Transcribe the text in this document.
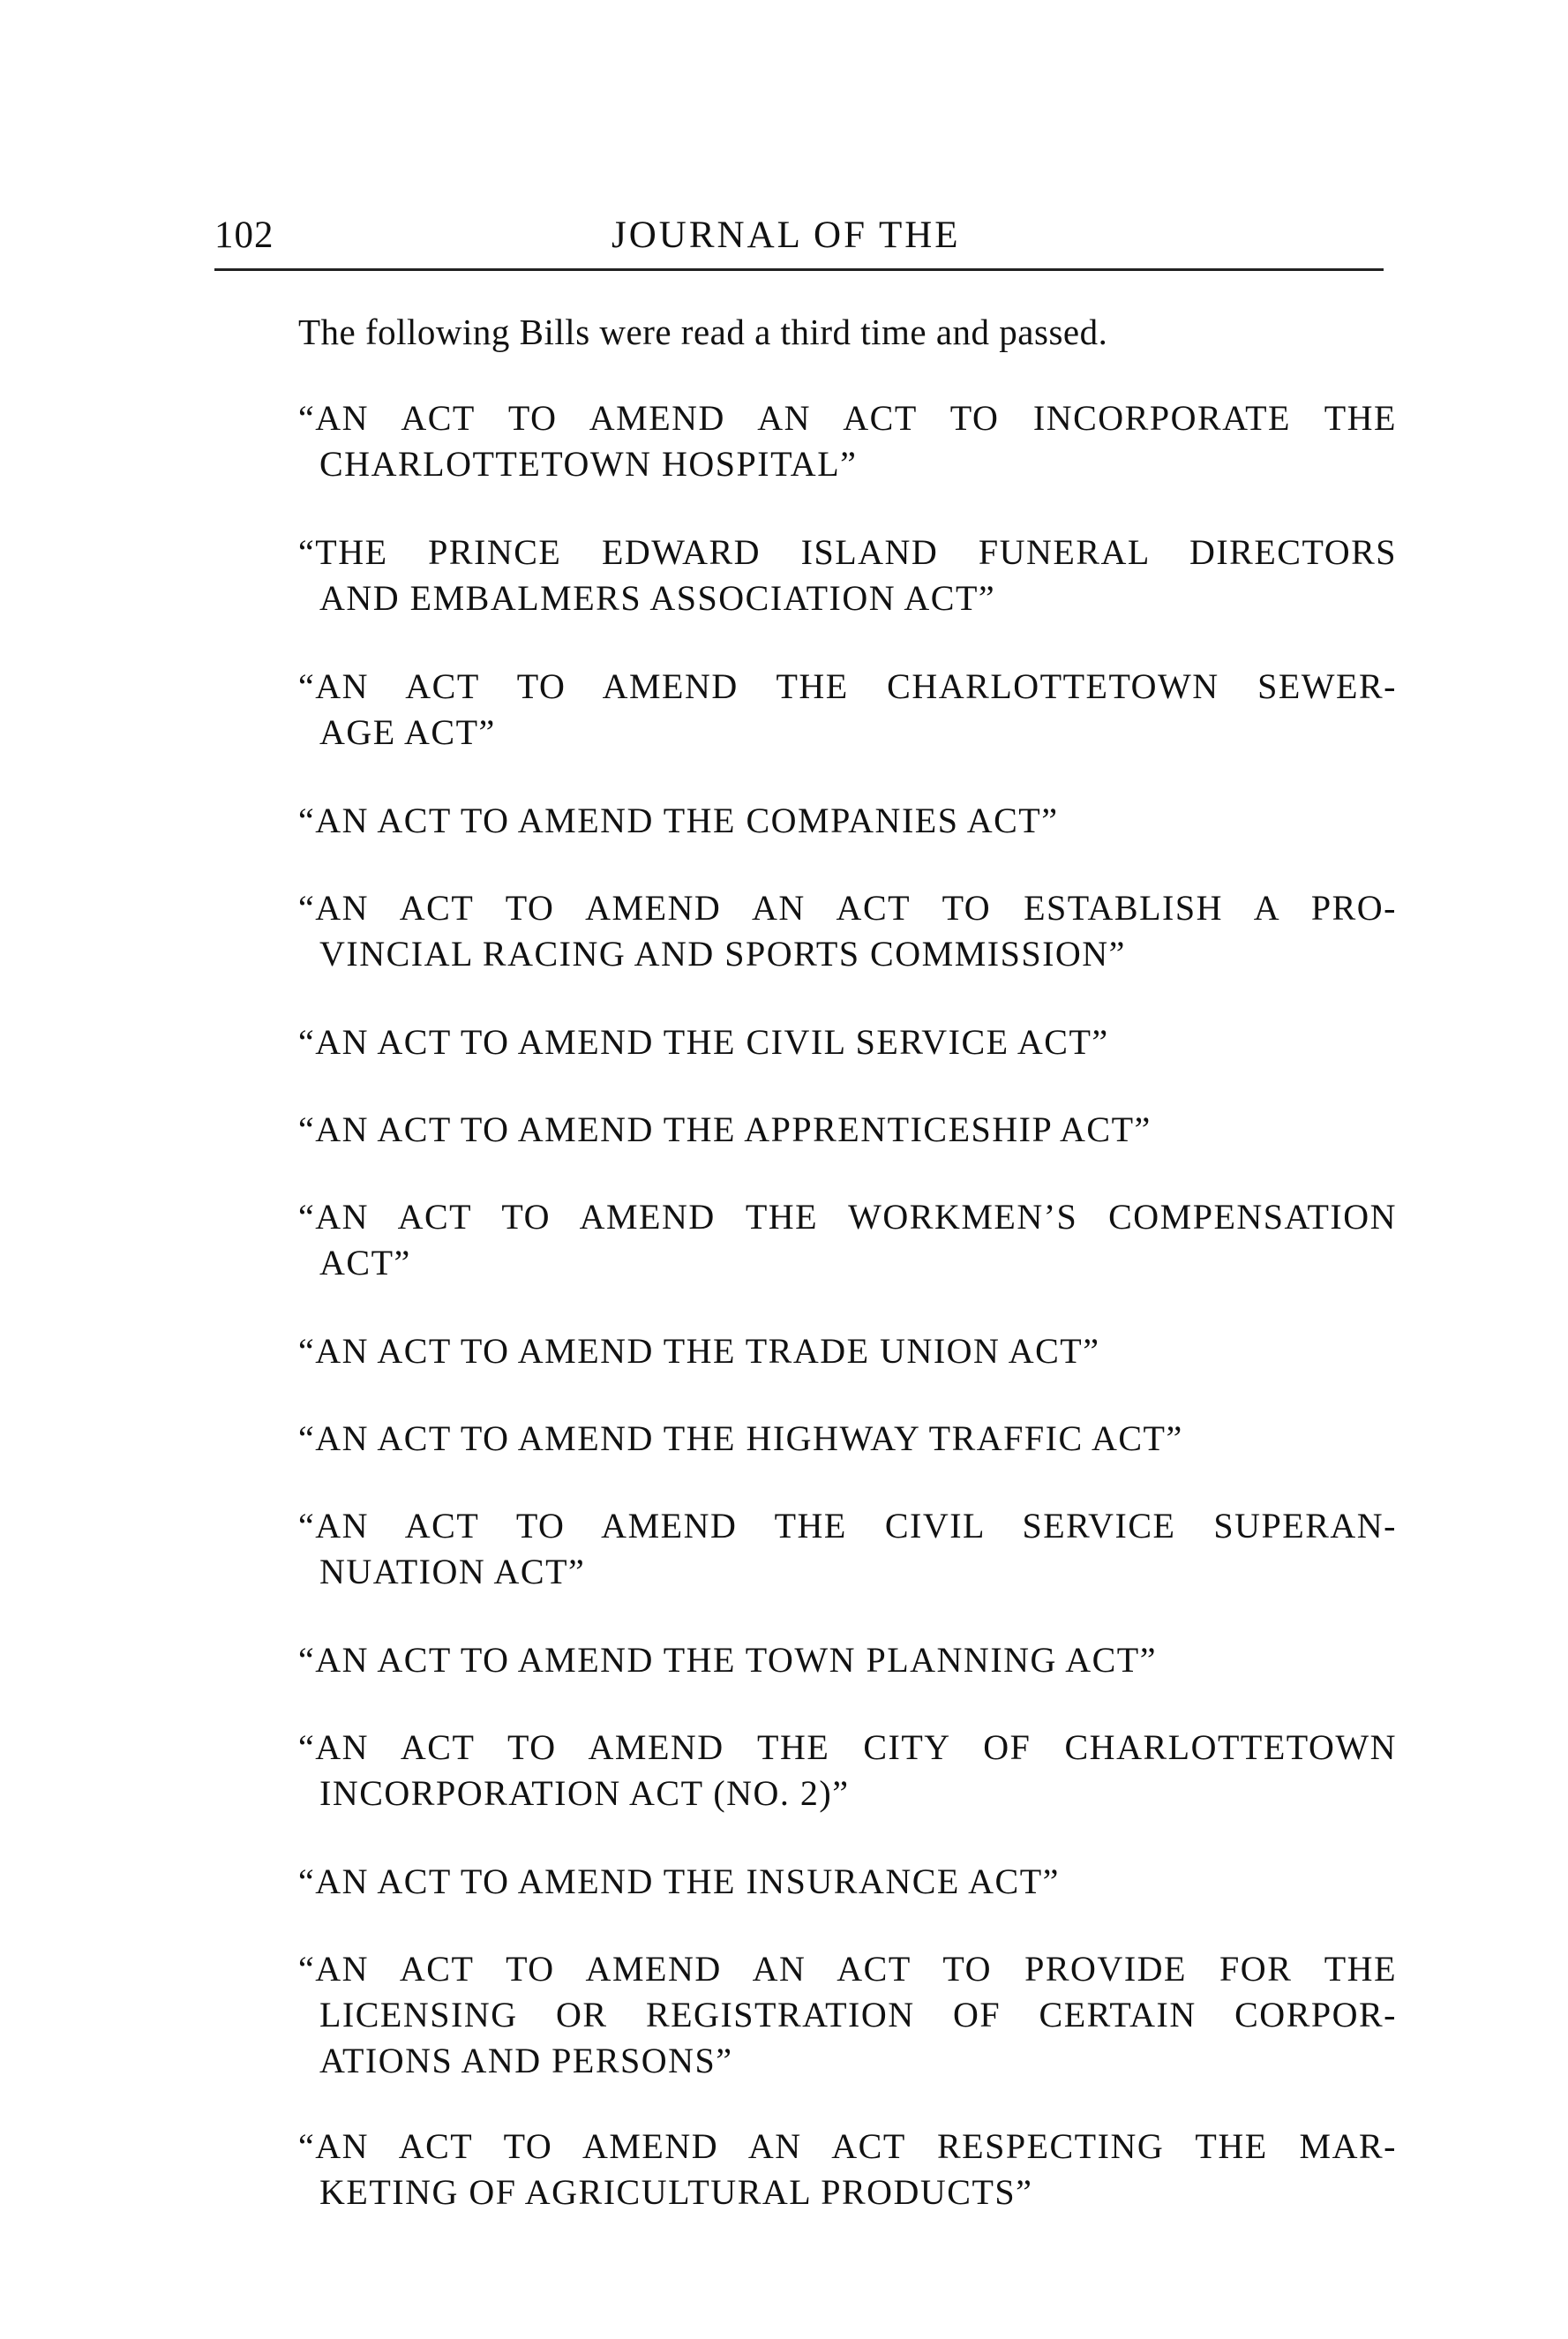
102	JOURNAL OF THE
The following Bills were read a third time and passed.
“AN ACT TO AMEND AN ACT TO INCORPORATE THE
CHARLOTTETOWN HOSPITAL”
“THE PRINCE EDWARD ISLAND FUNERAL DIRECTORS
AND EMBALMERS ASSOCIATION ACT”
“AN ACT TO AMEND THE CHARLOTTETOWN SEWER-
AGE ACT”
“AN ACT TO AMEND THE COMPANIES ACT”
“AN ACT TO AMEND AN ACT TO ESTABLISH A PRO-
VINCIAL RACING AND SPORTS COMMISSION”
“AN ACT TO AMEND THE CIVIL SERVICE ACT”
“AN ACT TO AMEND THE APPRENTICESHIP ACT”
“AN ACT TO AMEND THE WORKMEN’S COMPENSATION
ACT”
“AN ACT TO AMEND THE TRADE UNION ACT”
“AN ACT TO AMEND THE HIGHWAY TRAFFIC ACT”
“AN ACT TO AMEND THE CIVIL SERVICE SUPERAN-
NUATION ACT”
“AN ACT TO AMEND THE TOWN PLANNING ACT”
“AN ACT TO AMEND THE CITY OF CHARLOTTETOWN
INCORPORATION ACT (NO. 2)”
“AN ACT TO AMEND THE INSURANCE ACT”
“AN ACT TO AMEND AN ACT TO PROVIDE FOR THE
LICENSING OR REGISTRATION OF CERTAIN CORPOR-
ATIONS AND PERSONS”
“AN ACT TO AMEND AN ACT RESPECTING THE MAR-
KETING OF AGRICULTURAL PRODUCTS”
